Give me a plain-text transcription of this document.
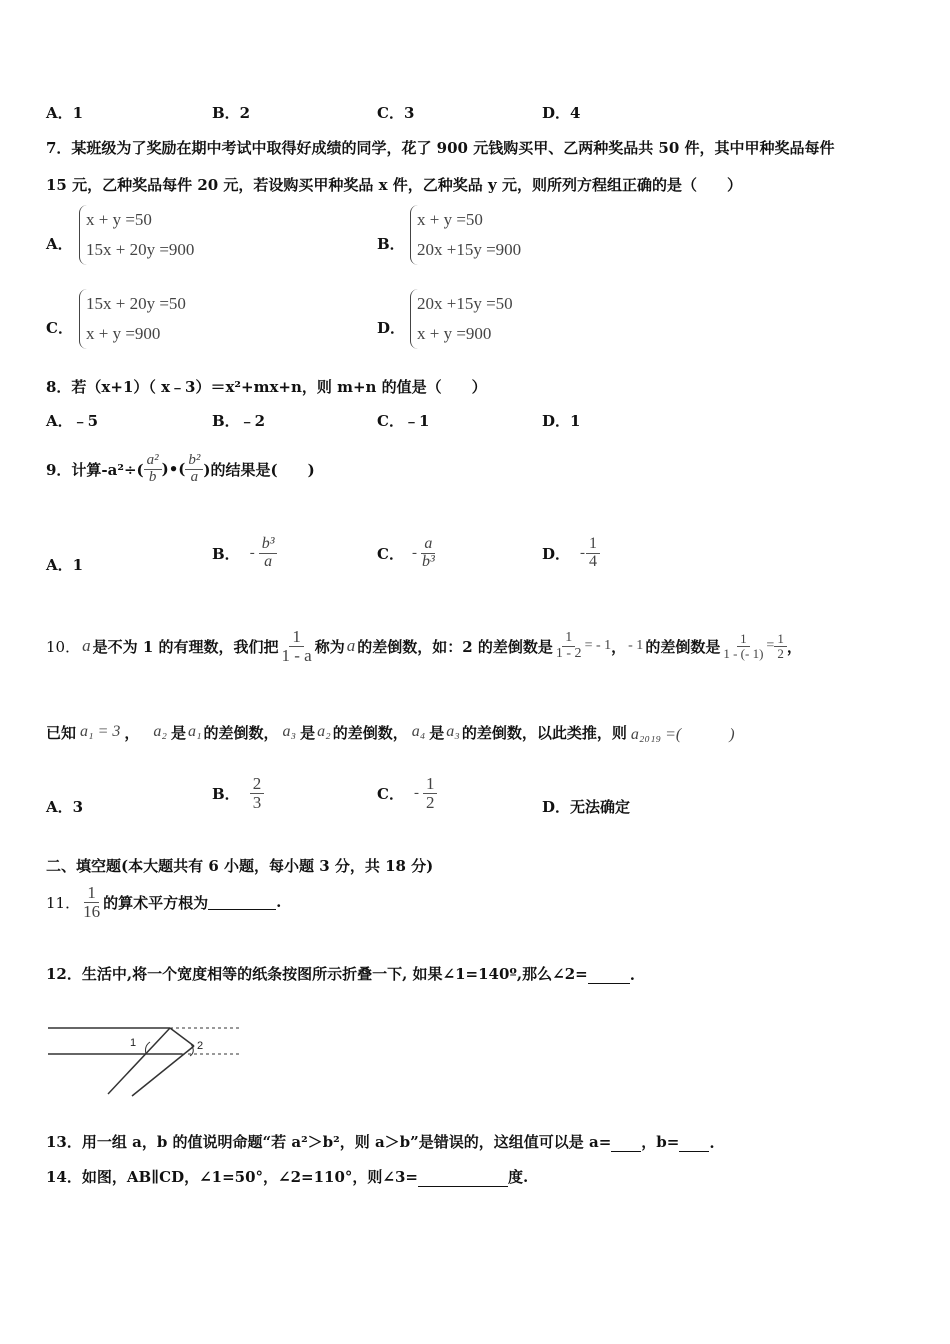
A．1	B．2	C．3	D．4
7．某班级为了奖励在期中考试中取得好成绩的同学，花了 900 元钱购买甲、乙两种奖品共 50 件，其中甲种奖品每件
15 元，乙种奖品每件 20 元，若设购买甲种奖品 x 件，乙种奖品 y 元，则所列方程组正确的是（　　）
A．
x + y =50
15x + 20y =900	B．
x + y =50
20x +15y =900
C．
15x + 20y =50
x + y =900	D．
20x +15y =50
x + y =900
8．若（x+1）（ x﹣3）＝x²+mx+n，则 m+n 的值是（　　）
A．﹣5	B．﹣2	C．﹣1	D．1
9．计算$-a^2\div( \frac{\text{a²}}{b}$ )•( $\frac{\text{b²}}{a}$ )的结果是(　　)
A．1
B． - $\frac{\text{b³}}{a}$	C． - $\frac{a}{\text{b³}}$	D． - $\frac{1}{4}$
10． a 是不为 1 的有理数，我们把 $\frac{1}{1 - a}$ 称为 a 的差倒数，如：2 的差倒数是 $\frac{1}{1 - 2}$ = - 1 ， - 1 的差倒数是 $\frac{1}{1 - (- 1)} = \frac{1}{2}$ ，
已知 a₁ = 3 ， a₂ 是 a₁ 的差倒数， a₃ 是 a₂ 的差倒数， a₄ 是 a₃ 的差倒数，以此类推，则 a₂₀₁₉ =(　　　)
A．3
B． $\frac{2}{3}$	C． - $\frac{1}{2}$	D．无法确定
二、填空题(本大题共有 6 小题，每小题 3 分，共 18 分)
11． $\frac{1}{16}$ 的算术平方根为	.
12．生活中,将一个宽度相等的纸条按图所示折叠一下, 如果∠1=140º,那么∠2=	.
1	2
13．用一组 a，b 的值说明命题“若 a²＞b²，则 a＞b”是错误的，这组值可以是 a= ，b= .
14．如图，AB∥CD，∠1=50°，∠2=110°，则∠3=	度.
